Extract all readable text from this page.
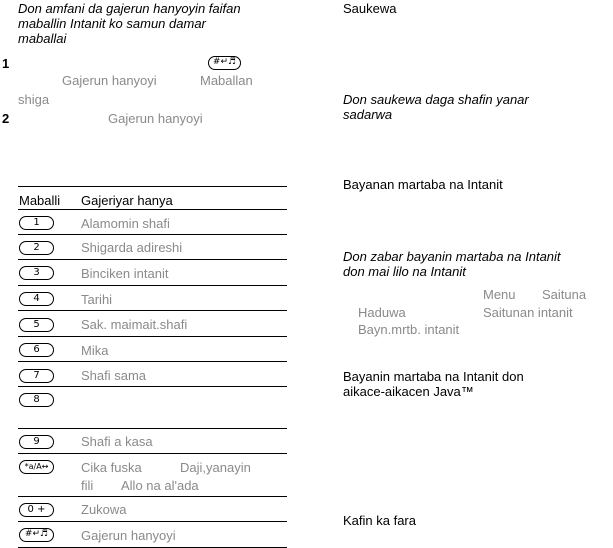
Don amfani da gajerun hanyoyin faifan
maballin Intanit ko samun damar
maballai
1	#↵♬
Gajerun hanyoyi	Maballan
shiga
2	Gajerun hanyoyi
Maballi Gajeriyar hanya
1	Alamomin shafi
2	Shigarda adireshi
3	Binciken intanit
4	Tarihi
5	Sak. maimait.shafi
6	Mika
7	Shafi sama
8
9	Shafi a kasa
*a/A↔	Cika fuska	Daji,yanayin
fili Allo na al'ada
0 +	Zukowa
#↵♬	Gajerun hanyoyi
Saukewa
Don saukewa daga shafin yanar
sadarwa
Bayanan martaba na Intanit
Don zabar bayanin martaba na Intanit
don mai lilo na Intanit
Menu Saituna
Haduwa	Saitunan intanit
Bayn.mrtb. intanit
Bayanin martaba na Intanit don
aikace-aikacen Java™
Kafin ka fara
